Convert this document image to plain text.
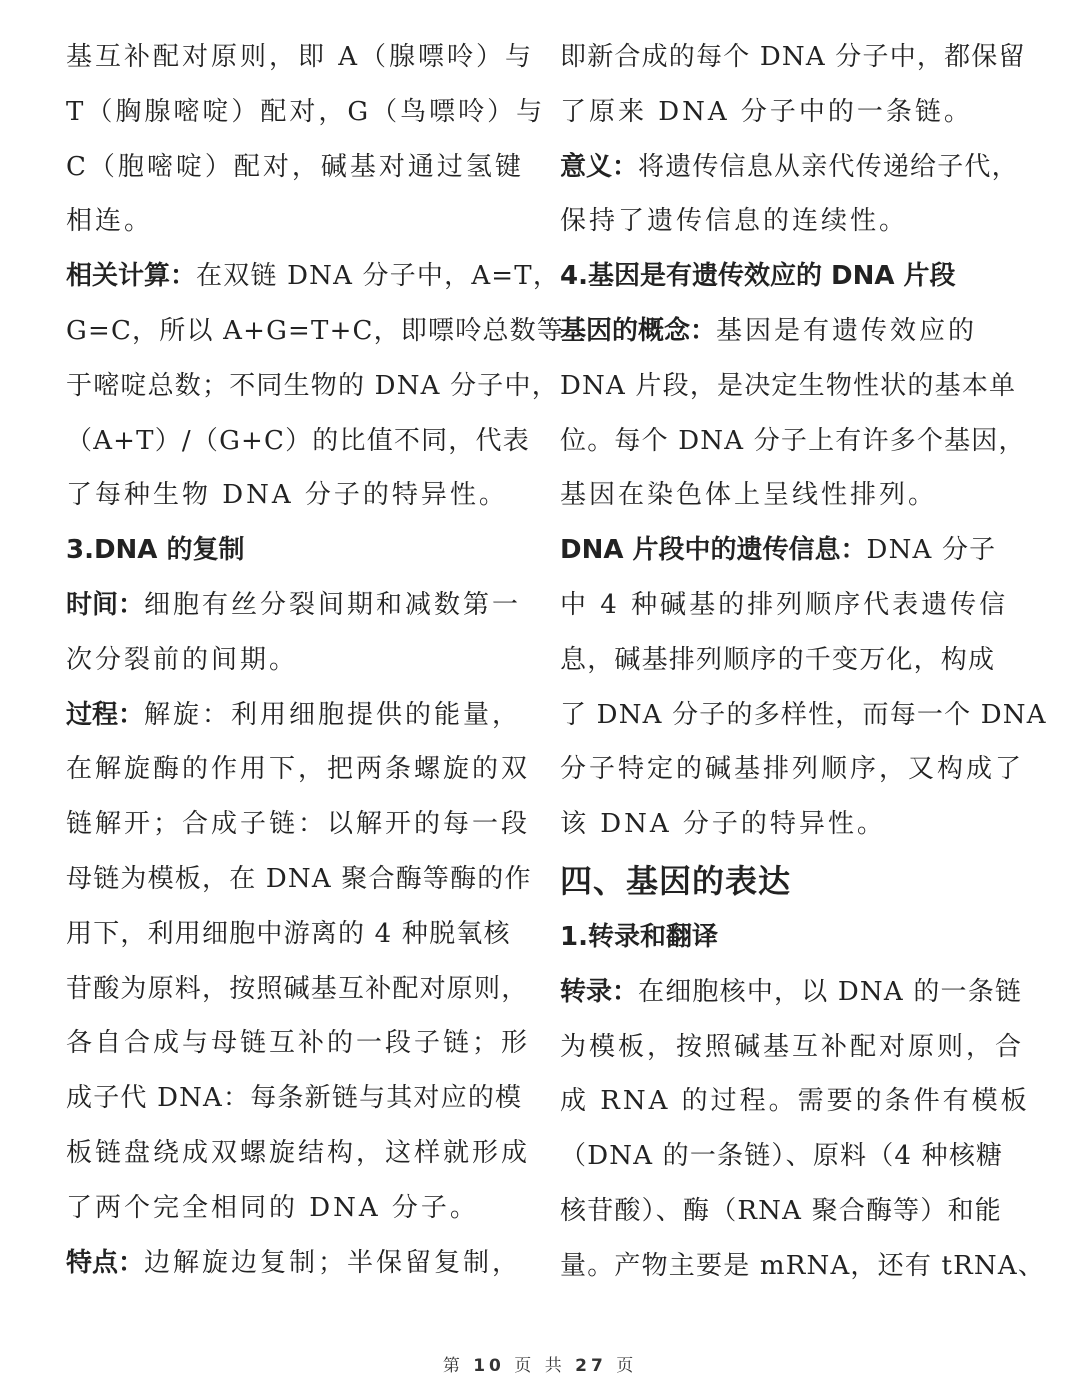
基互补配对原则，即 A（腺嘌呤）与
T（胸腺嘧啶）配对，G（鸟嘌呤）与
C（胞嘧啶）配对，碱基对通过氢键
相连。
相关计算：在双链 DNA 分子中，A=T，
G=C，所以 A+G=T+C，即嘌呤总数等
于嘧啶总数；不同生物的 DNA 分子中，
（A+T）/（G+C）的比值不同，代表
了每种生物 DNA 分子的特异性。
3.DNA 的复制
时间：细胞有丝分裂间期和减数第一
次分裂前的间期。
过程：解旋：利用细胞提供的能量，
在解旋酶的作用下，把两条螺旋的双
链解开；合成子链：以解开的每一段
母链为模板，在 DNA 聚合酶等酶的作
用下，利用细胞中游离的 4 种脱氧核
苷酸为原料，按照碱基互补配对原则，
各自合成与母链互补的一段子链；形
成子代 DNA：每条新链与其对应的模
板链盘绕成双螺旋结构，这样就形成
了两个完全相同的 DNA 分子。
特点：边解旋边复制；半保留复制，
即新合成的每个 DNA 分子中，都保留
了原来 DNA 分子中的一条链。
意义：将遗传信息从亲代传递给子代，
保持了遗传信息的连续性。
4.基因是有遗传效应的 DNA 片段
基因的概念：基因是有遗传效应的
DNA 片段，是决定生物性状的基本单
位。每个 DNA 分子上有许多个基因，
基因在染色体上呈线性排列。
DNA 片段中的遗传信息：DNA 分子
中 4 种碱基的排列顺序代表遗传信
息，碱基排列顺序的千变万化，构成
了 DNA 分子的多样性，而每一个 DNA
分子特定的碱基排列顺序，又构成了
该 DNA 分子的特异性。
四、基因的表达
1.转录和翻译
转录：在细胞核中，以 DNA 的一条链
为模板，按照碱基互补配对原则，合
成 RNA 的过程。需要的条件有模板
（DNA 的一条链）、原料（4 种核糖
核苷酸）、酶（RNA 聚合酶等）和能
量。产物主要是 mRNA，还有 tRNA、
第 10 页 共 27 页
